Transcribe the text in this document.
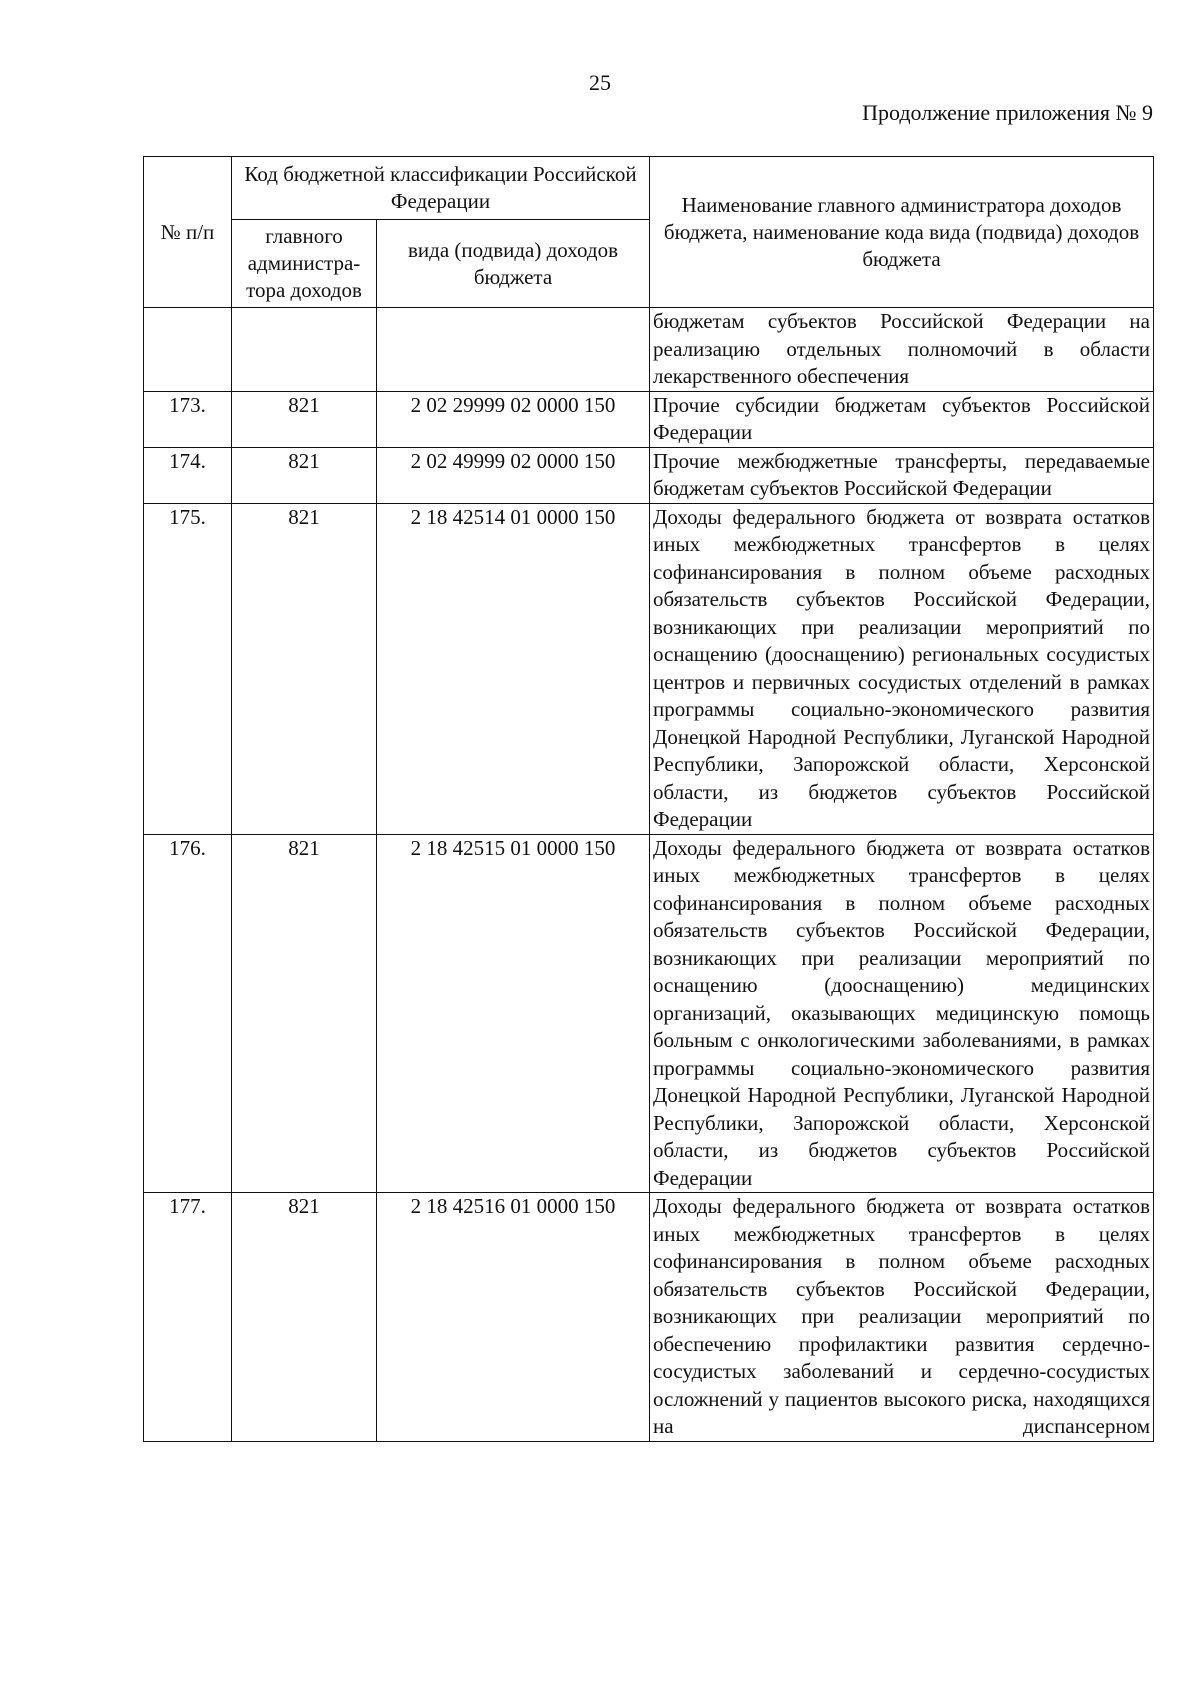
25
Продолжение приложения № 9
№ п/п	Код бюджетной классификации Российской Федерации		Наименование главного администратора доходов бюджета, наименование кода вида (подвида) доходов бюджета
	главного администра-тора доходов	вида (подвида) доходов бюджета	
			бюджетам субъектов Российской Федерации на реализацию отдельных полномочий в области лекарственного обеспечения
173.	821	2 02 29999 02 0000 150	Прочие субсидии бюджетам субъектов Российской Федерации
174.	821	2 02 49999 02 0000 150	Прочие межбюджетные трансферты, передаваемые бюджетам субъектов Российской Федерации
175.	821	2 18 42514 01 0000 150	Доходы федерального бюджета от возврата остатков иных межбюджетных трансфертов в целях софинансирования в полном объеме расходных обязательств субъектов Российской Федерации, возникающих при реализации мероприятий по оснащению (дооснащению) региональных сосудистых центров и первичных сосудистых отделений в рамках программы социально-экономического развития Донецкой Народной Республики, Луганской Народной Республики, Запорожской области, Херсонской области, из бюджетов субъектов Российской Федерации
176.	821	2 18 42515 01 0000 150	Доходы федерального бюджета от возврата остатков иных межбюджетных трансфертов в целях софинансирования в полном объеме расходных обязательств субъектов Российской Федерации, возникающих при реализации мероприятий по оснащению (дооснащению) медицинских организаций, оказывающих медицинскую помощь больным с онкологическими заболеваниями, в рамках программы социально-экономического развития Донецкой Народной Республики, Луганской Народной Республики, Запорожской области, Херсонской области, из бюджетов субъектов Российской Федерации
177.	821	2 18 42516 01 0000 150	Доходы федерального бюджета от возврата остатков иных межбюджетных трансфертов в целях софинансирования в полном объеме расходных обязательств субъектов Российской Федерации, возникающих при реализации мероприятий по обеспечению профилактики развития сердечно-сосудистых заболеваний и сердечно-сосудистых осложнений у пациентов высокого риска, находящихся на диспансерном
